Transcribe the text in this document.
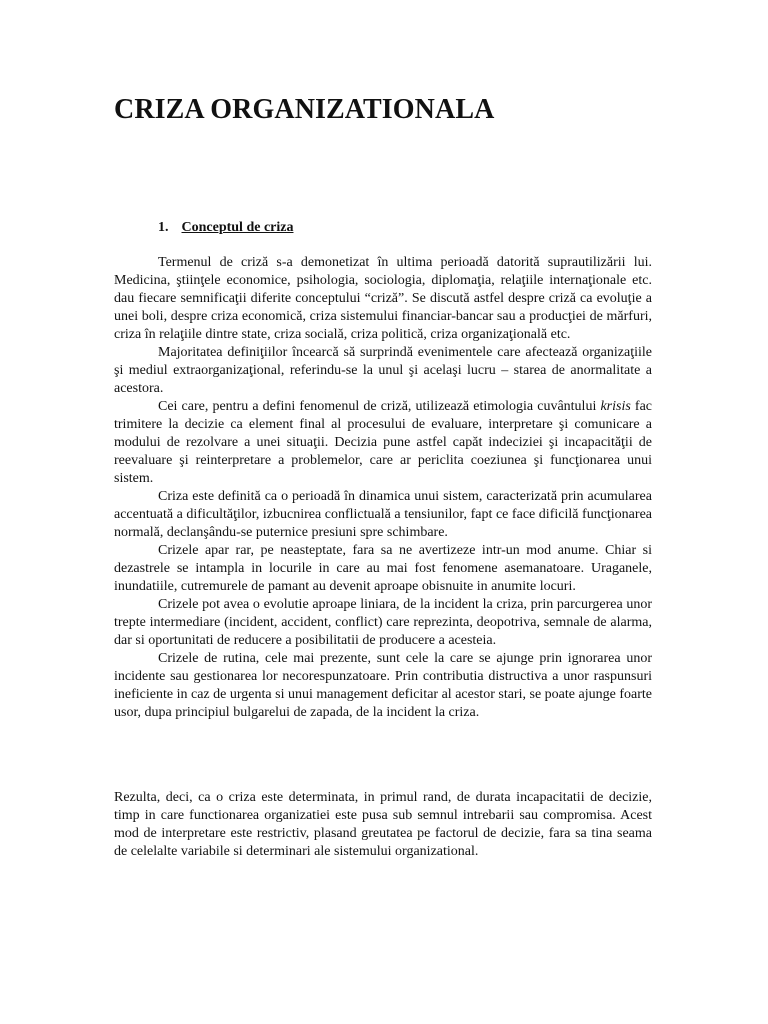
CRIZA ORGANIZATIONALA
1. Conceptul de criza

Termenul de criză s-a demonetizat în ultima perioadă datorită suprautilizării lui. Medicina, ştiinţele economice, psihologia, sociologia, diplomaţia, relaţiile internaţionale etc. dau fiecare semnificaţii diferite conceptului “criză”. Se discută astfel despre criză ca evoluţie a unei boli, despre criza economică, criza sistemului financiar-bancar sau a producţiei de mărfuri, criza în relaţiile dintre state, criza socială, criza politică, criza organizaţională etc.

Majoritatea definiţiilor încearcă să surprindă evenimentele care afectează organizaţiile şi mediul extraorganizaţional, referindu-se la unul şi acelaşi lucru – starea de anormalitate a acestora.

Cei care, pentru a defini fenomenul de criză, utilizează etimologia cuvântului krisis fac trimitere la decizie ca element final al procesului de evaluare, interpretare şi comunicare a modului de rezolvare a unei situaţii. Decizia pune astfel capăt indeciziei şi incapacităţii de reevaluare şi reinterpretare a problemelor, care ar periclita coeziunea şi funcţionarea unui sistem.

Criza este definită ca o perioadă în dinamica unui sistem, caracterizată prin acumularea accentuată a dificultăţilor, izbucnirea conflictuală a tensiunilor, fapt ce face dificilă funcţionarea normală, declanşându-se puternice presiuni spre schimbare.

Crizele apar rar, pe neasteptate, fara sa ne avertizeze intr-un mod anume. Chiar si dezastrele se intampla in locurile in care au mai fost fenomene asemanatoare. Uraganele, inundatiile, cutremurele de pamant au devenit aproape obisnuite in anumite locuri.

Crizele pot avea o evolutie aproape liniara, de la incident la criza, prin parcurgerea unor trepte intermediare (incident, accident, conflict) care reprezinta, deopotriva, semnale de alarma, dar si oportunitati de reducere a posibilitatii de producere a acesteia.

Crizele de rutina, cele mai prezente, sunt cele la care se ajunge prin ignorarea unor incidente sau gestionarea lor necorespunzatoare. Prin contributia distructiva a unor raspunsuri ineficiente in caz de urgenta si unui management deficitar al acestor stari, se poate ajunge foarte usor, dupa principiul bulgarelui de zapada, de la incident la criza.

Rezulta, deci, ca o criza este determinata, in primul rand, de durata incapacitatii de decizie, timp in care functionarea organizatiei este pusa sub semnul intrebarii sau compromisa. Acest mod de interpretare este restrictiv, plasand greutatea pe factorul de decizie, fara sa tina seama de celelalte variabile si determinari ale sistemului organizational.
